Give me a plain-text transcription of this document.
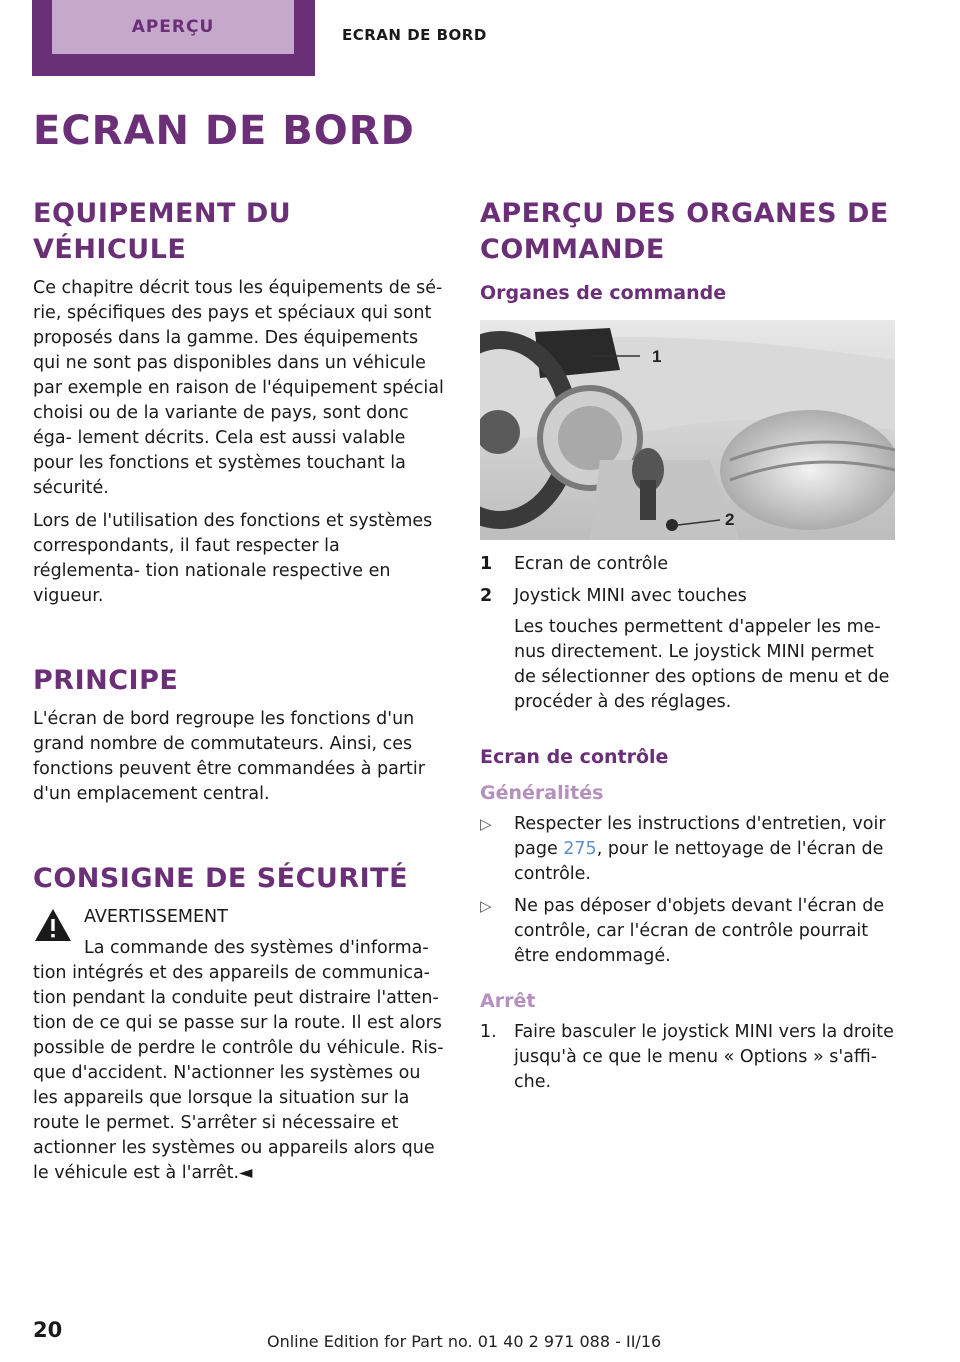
APERÇU	ECRAN DE BORD
ECRAN DE BORD
EQUIPEMENT DU VÉHICULE

Ce chapitre décrit tous les équipements de sé‐ rie, spécifiques des pays et spéciaux qui sont proposés dans la gamme. Des équipements qui ne sont pas disponibles dans un véhicule par exemple en raison de l'équipement spécial choisi ou de la variante de pays, sont donc éga‐ lement décrits. Cela est aussi valable pour les fonctions et systèmes touchant la sécurité.

Lors de l'utilisation des fonctions et systèmes correspondants, il faut respecter la réglementa‐ tion nationale respective en vigueur.

PRINCIPE

L'écran de bord regroupe les fonctions d'un grand nombre de commutateurs. Ainsi, ces fonctions peuvent être commandées à partir d'un emplacement central.

CONSIGNE DE SÉCURITÉ
AVERTISSEMENT
La commande des systèmes d'informa‐
tion intégrés et des appareils de communica‐ tion pendant la conduite peut distraire l'atten‐ tion de ce qui se passe sur la route. Il est alors possible de perdre le contrôle du véhicule. Ris‐ que d'accident. N'actionner les systèmes ou les appareils que lorsque la situation sur la route le permet. S'arrêter si nécessaire et actionner les systèmes ou appareils alors que le véhicule est à l'arrêt.◄
APERÇU DES ORGANES DE COMMANDE
Organes de commande
1
2
1 Ecran de contrôle
2 Joystick MINI avec touches
Les touches permettent d'appeler les me‐ nus directement. Le joystick MINI permet de sélectionner des options de menu et de procéder à des réglages.
Ecran de contrôle
Généralités
▷ Respecter les instructions d'entretien, voir page 275, pour le nettoyage de l'écran de contrôle.
▷ Ne pas déposer d'objets devant l'écran de contrôle, car l'écran de contrôle pourrait être endommagé.
Arrêt
1. Faire basculer le joystick MINI vers la droite jusqu'à ce que le menu « Options » s'affi‐ che.
20	Online Edition for Part no. 01 40 2 971 088 - II/16
